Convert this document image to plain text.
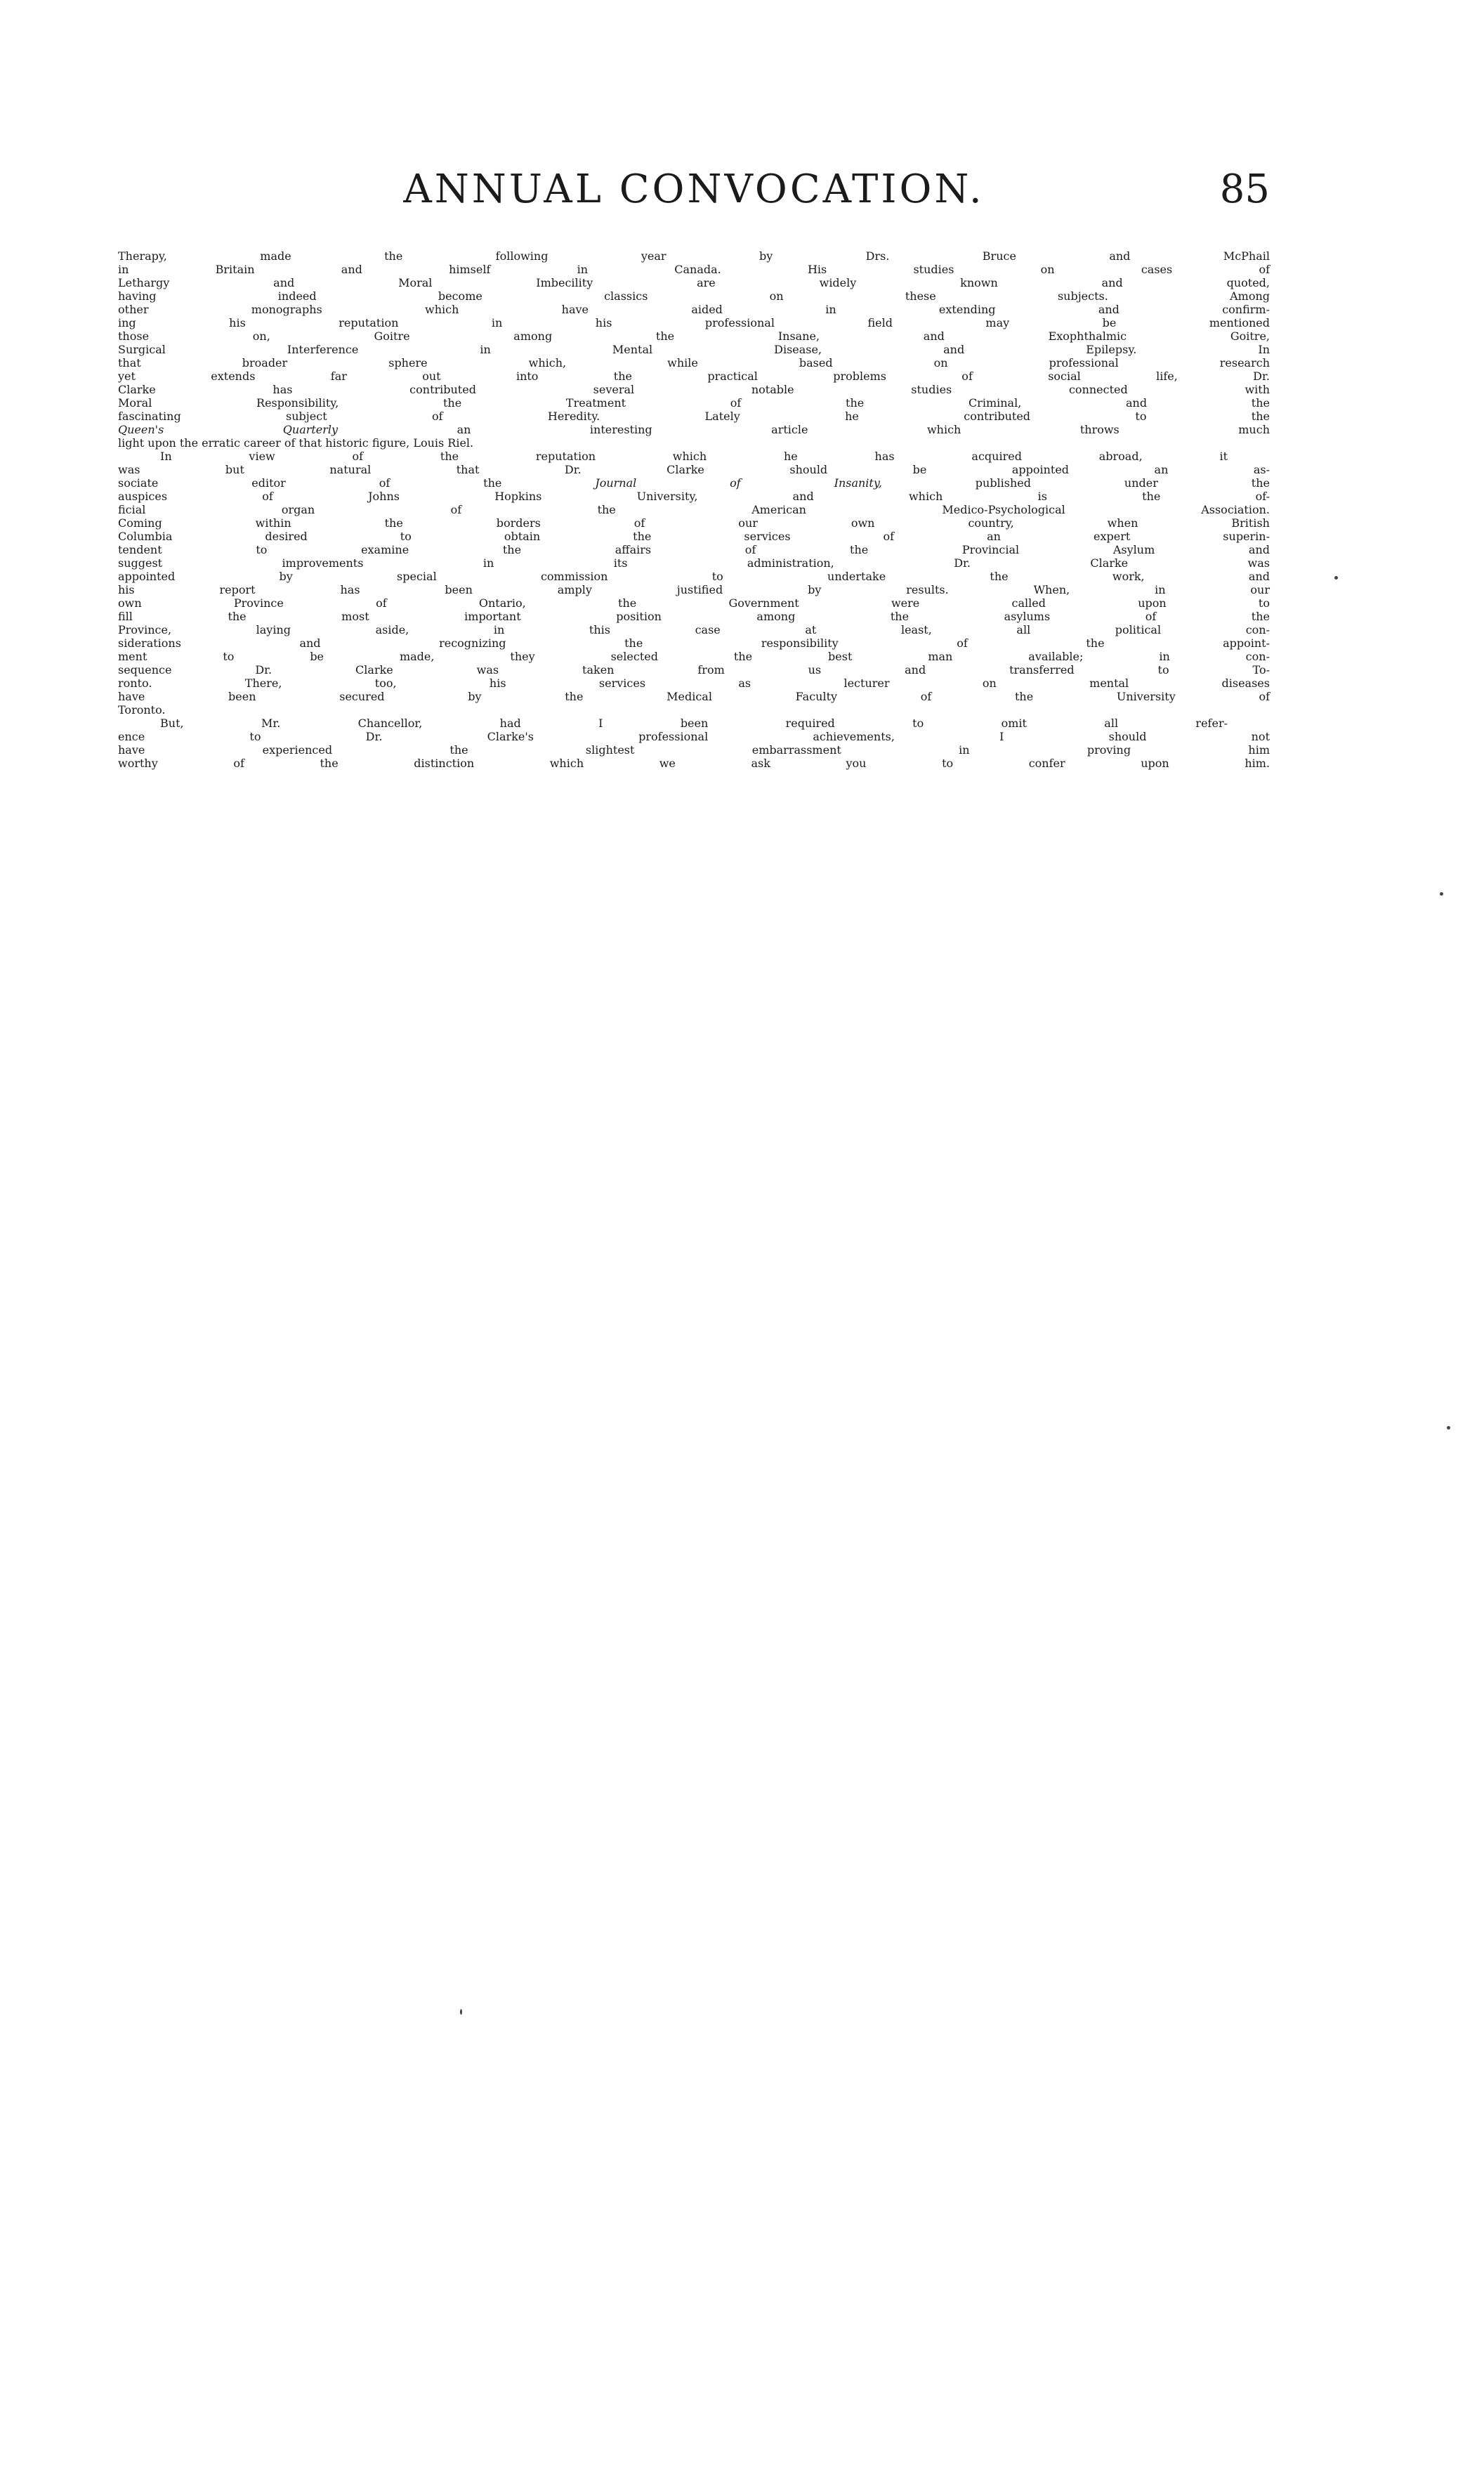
ANNUAL CONVOCATION.	85
Therapy, made the following year by Drs. Bruce and McPhail
in Britain and himself in Canada. His studies on cases of
Lethargy and Moral Imbecility are widely known and quoted,
having indeed become classics on these subjects. Among
other monographs which have aided in extending and confirm-
ing his reputation in his professional field may be mentioned
those on, Goitre among the Insane, and Exophthalmic Goitre,
Surgical Interference in Mental Disease, and Epilepsy. In
that broader sphere which, while based on professional research
yet extends far out into the practical problems of social life, Dr.
Clarke has contributed several notable studies connected with
Moral Responsibility, the Treatment of the Criminal, and the
fascinating subject of Heredity. Lately he contributed to the
Queen's Quarterly an interesting article which throws much
light upon the erratic career of that historic figure, Louis Riel.
In view of the reputation which he has acquired abroad, it
was but natural that Dr. Clarke should be appointed an as-
sociate editor of the Journal of Insanity, published under the
auspices of Johns Hopkins University, and which is the of-
ficial organ of the American Medico-Psychological Association.
Coming within the borders of our own country, when British
Columbia desired to obtain the services of an expert superin-
tendent to examine the affairs of the Provincial Asylum and
suggest improvements in its administration, Dr. Clarke was
appointed by special commission to undertake the work, and
his report has been amply justified by results. When, in our
own Province of Ontario, the Government were called upon to
fill the most important position among the asylums of the
Province, laying aside, in this case at least, all political con-
siderations and recognizing the responsibility of the appoint-
ment to be made, they selected the best man available; in con-
sequence Dr. Clarke was taken from us and transferred to To-
ronto. There, too, his services as lecturer on mental diseases
have been secured by the Medical Faculty of the University of
Toronto.
But, Mr. Chancellor, had I been required to omit all refer-
ence to Dr. Clarke's professional achievements, I should not
have experienced the slightest embarrassment in proving him
worthy of the distinction which we ask you to confer upon him.
